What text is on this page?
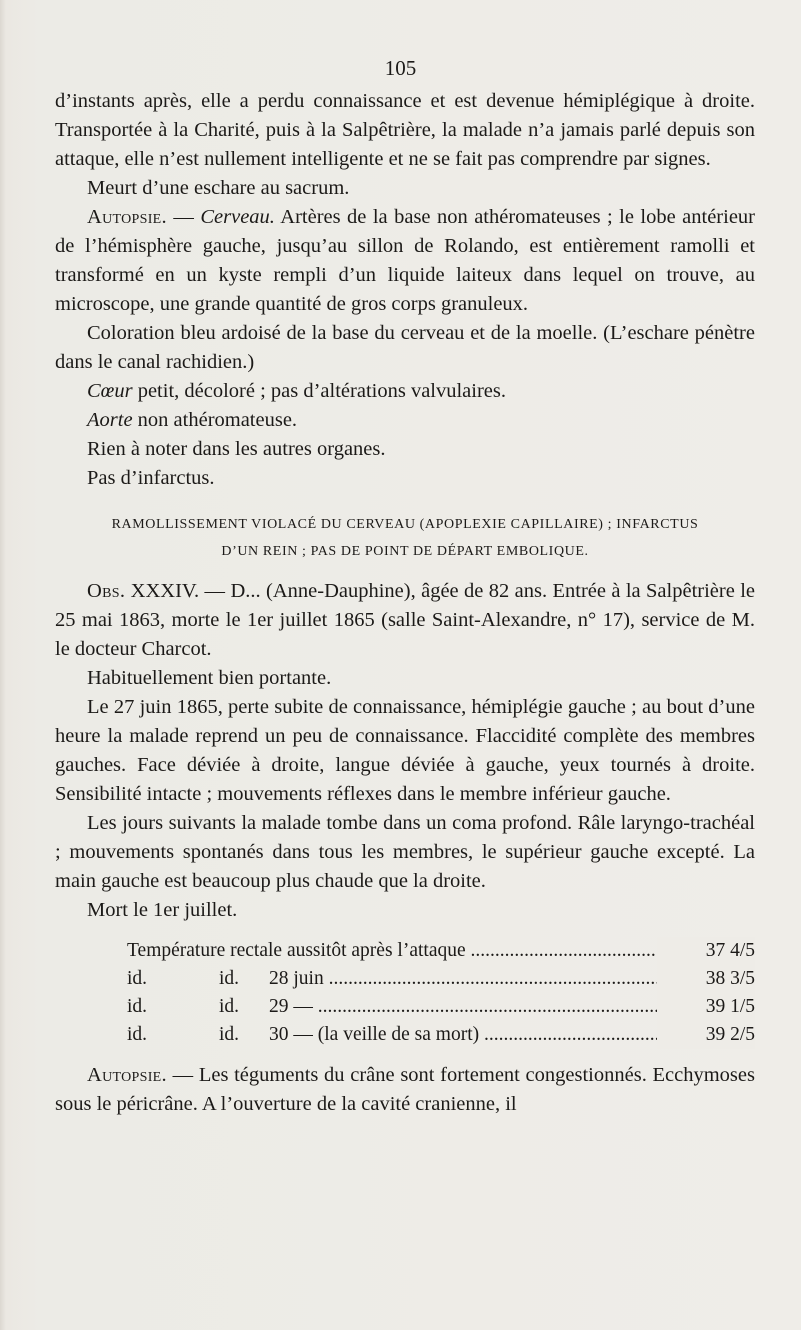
105

d’instants après, elle a perdu connaissance et est devenue hémiplégique à droite. Transportée à la Charité, puis à la Salpêtrière, la malade n’a jamais parlé depuis son attaque, elle n’est nullement intelligente et ne se fait pas comprendre par signes.

Meurt d’une eschare au sacrum.

Autopsie. — Cerveau. Artères de la base non athéromateuses ; le lobe antérieur de l’hémisphère gauche, jusqu’au sillon de Rolando, est entièrement ramolli et transformé en un kyste rempli d’un liquide laiteux dans lequel on trouve, au microscope, une grande quantité de gros corps granuleux.

Coloration bleu ardoisé de la base du cerveau et de la moelle. (L’eschare pénètre dans le canal rachidien.)

Cœur petit, décoloré ; pas d’altérations valvulaires.

Aorte non athéromateuse.

Rien à noter dans les autres organes.

Pas d’infarctus.

RAMOLLISSEMENT VIOLACÉ DU CERVEAU (APOPLEXIE CAPILLAIRE) ; INFARCTUS
D’UN REIN ; PAS DE POINT DE DÉPART EMBOLIQUE.

Obs. XXXIV. — D... (Anne-Dauphine), âgée de 82 ans. Entrée à la Salpêtrière le 25 mai 1863, morte le 1er juillet 1865 (salle Saint-Alexandre, n° 17), service de M. le docteur Charcot.

Habituellement bien portante.

Le 27 juin 1865, perte subite de connaissance, hémiplégie gauche ; au bout d’une heure la malade reprend un peu de connaissance. Flaccidité complète des membres gauches. Face déviée à droite, langue déviée à gauche, yeux tournés à droite. Sensibilité intacte ; mouvements réflexes dans le membre inférieur gauche.

Les jours suivants la malade tombe dans un coma profond. Râle laryngo-trachéal ; mouvements spontanés dans tous les membres, le supérieur gauche excepté. La main gauche est beaucoup plus chaude que la droite.

Mort le 1er juillet.

Température rectale aussitôt après l’attaque .....	37 4/5
id.	id.	28 juin .....	38 3/5
id.	id.	29 — .....	39 1/5
id.	id.	30 — (la veille de sa mort) .....	39 2/5

Autopsie. — Les téguments du crâne sont fortement congestionnés. Ecchymoses sous le péricrâne. A l’ouverture de la cavité cranienne, il
